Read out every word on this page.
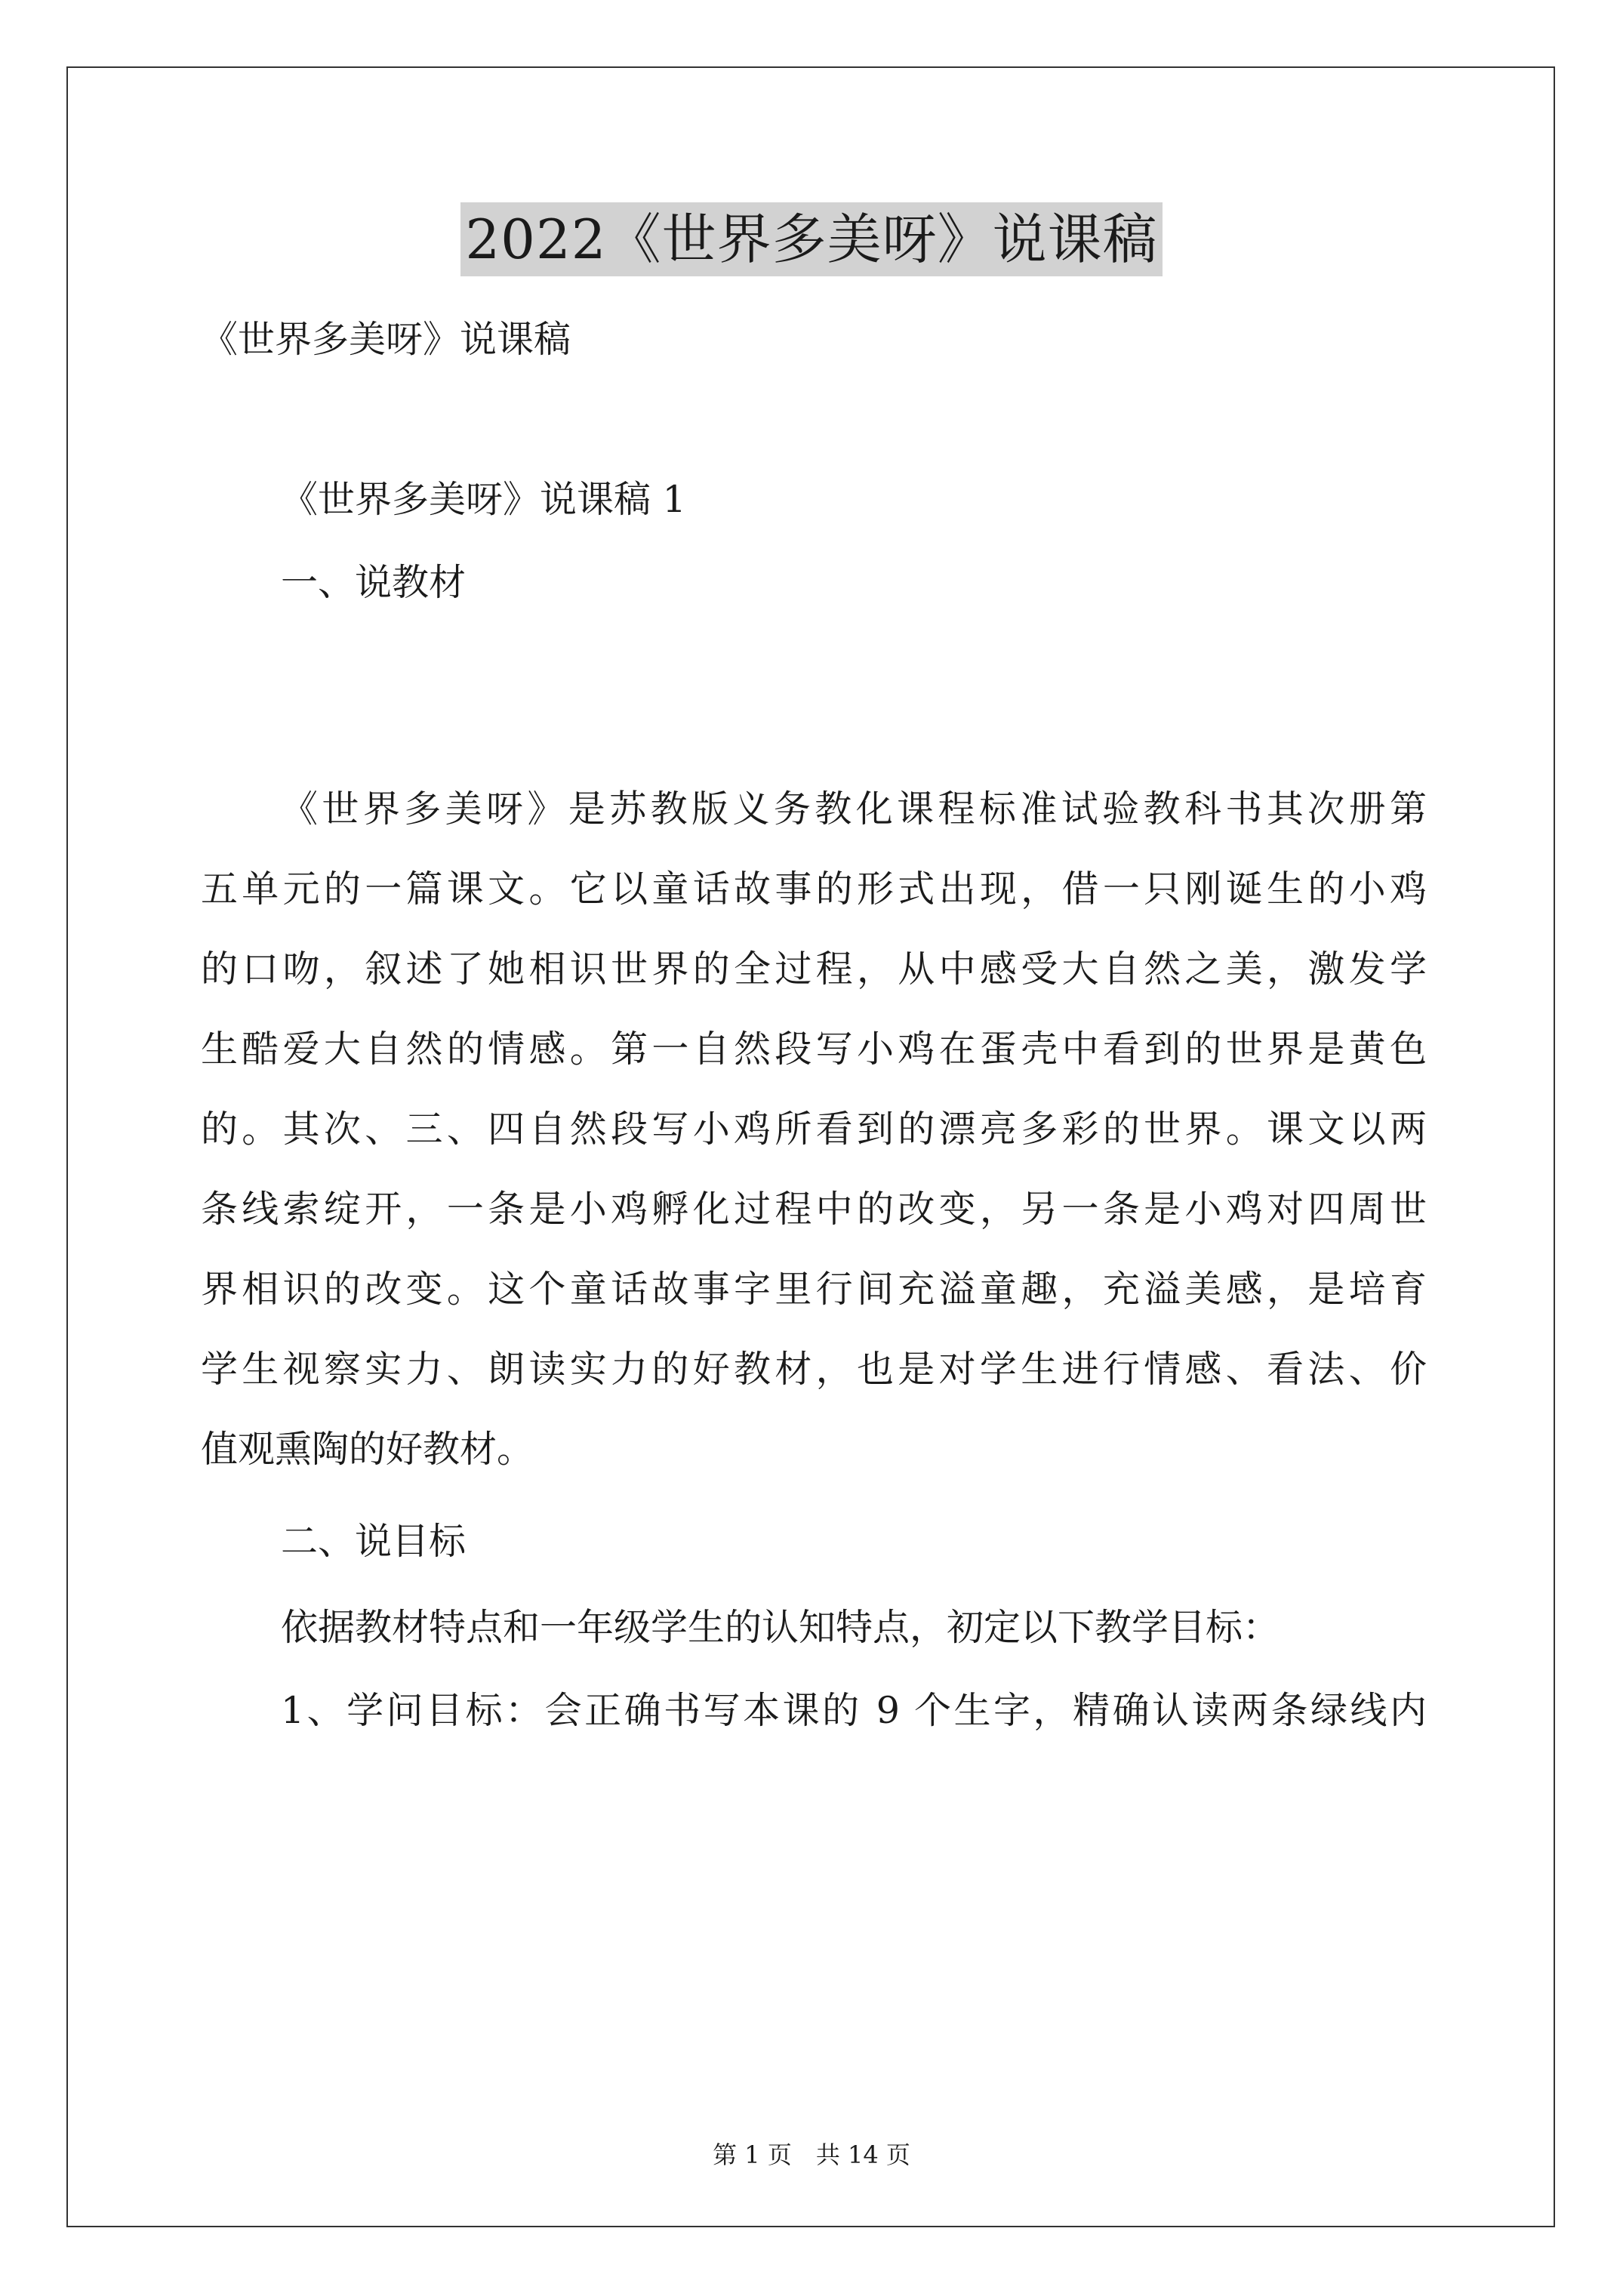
2022《世界多美呀》说课稿
《世界多美呀》说课稿
《世界多美呀》说课稿 1
一、说教材
《世界多美呀》是苏教版义务教化课程标准试验教科书其次册第
五单元的一篇课文。它以童话故事的形式出现，借一只刚诞生的小鸡
的口吻，叙述了她相识世界的全过程，从中感受大自然之美，激发学
生酷爱大自然的情感。第一自然段写小鸡在蛋壳中看到的世界是黄色
的。其次、三、四自然段写小鸡所看到的漂亮多彩的世界。课文以两
条线索绽开，一条是小鸡孵化过程中的改变，另一条是小鸡对四周世
界相识的改变。这个童话故事字里行间充溢童趣，充溢美感，是培育
学生视察实力、朗读实力的好教材，也是对学生进行情感、看法、价
值观熏陶的好教材。
二、说目标
依据教材特点和一年级学生的认知特点，初定以下教学目标：
1、学问目标：会正确书写本课的 9 个生字，精确认读两条绿线内
第 1 页　共 14 页
